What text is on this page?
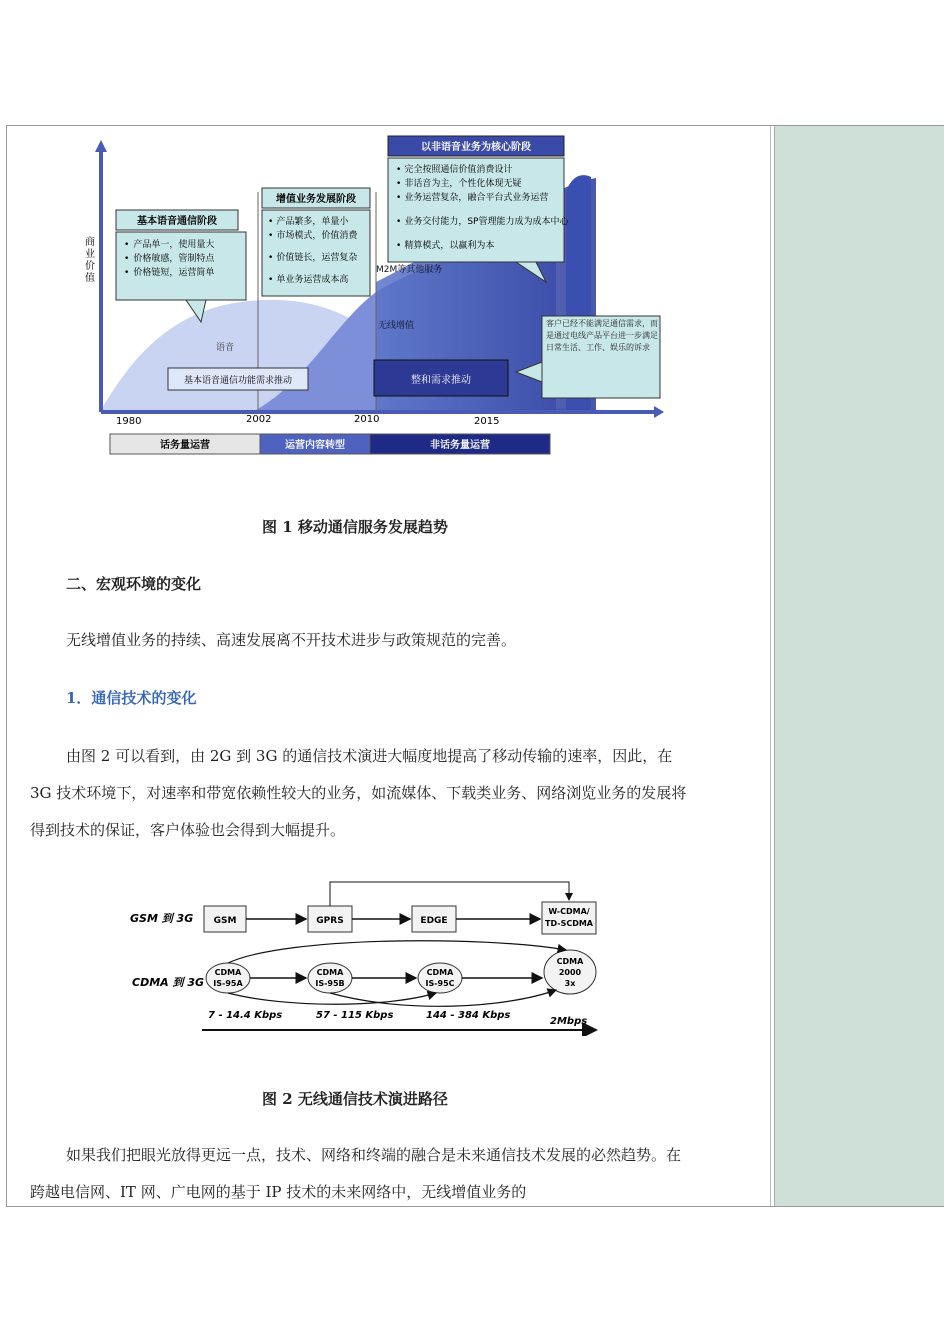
商业价值
基本语音通信阶段
• 产品单一，使用量大
• 价格敏感，管制特点
• 价格链短，运营简单
增值业务发展阶段
• 产品繁多，单量小
• 市场模式，价值消费
• 价值链长，运营复杂
• 单业务运营成本高
以非语音业务为核心阶段
• 完全按照通信价值消费设计
• 非话音为主，个性化体现无疑
• 业务运营复杂，融合平台式业务运营
• 业务交付能力，SP管理能力成为成本中心
• 精算模式，以赢利为本
M2M等其他服务
无线增值
语音
客户已经不能满足通信需求，而是通过电线产品平台进一步满足日常生活、工作、娱乐的诉求
基本语音通信功能需求推动	整和需求推动
1980	2002	2010	2015
话务量运营	运营内容转型	非话务量运营
图 1 移动通信服务发展趋势
二、宏观环境的变化
无线增值业务的持续、高速发展离不开技术进步与政策规范的完善。
1．通信技术的变化
由图 2 可以看到，由 2G 到 3G 的通信技术演进大幅度地提高了移动传输的速率，因此，在 3G 技术环境下，对速率和带宽依赖性较大的业务，如流媒体、下载类业务、网络浏览业务的发展将得到技术的保证，客户体验也会得到大幅提升。
GSM 到 3G
CDMA 到 3G
GSM	GPRS	EDGE
W-CDMA/
TD-SCDMA
CDMA
IS-95A
CDMA
IS-95B
CDMA
IS-95C
CDMA
2000
3x
7 - 14.4 Kbps	57 - 115 Kbps	144 - 384 Kbps
2Mbps
图 2 无线通信技术演进路径
如果我们把眼光放得更远一点，技术、网络和终端的融合是未来通信技术发展的必然趋势。在跨越电信网、IT 网、广电网的基于 IP 技术的未来网络中，无线增值业务的
